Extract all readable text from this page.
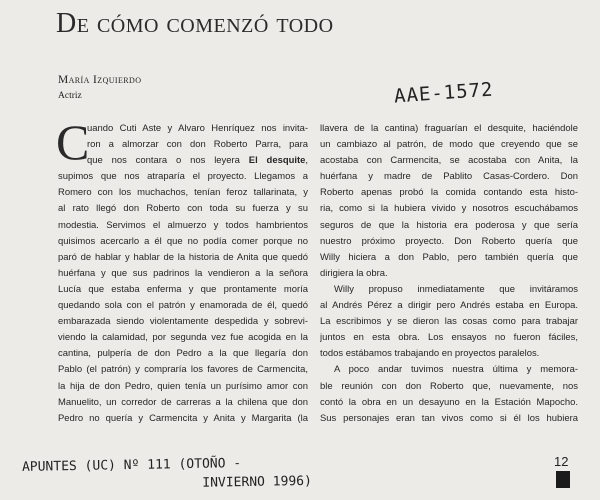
De cómo comenzó todo
María Izquierdo
Actriz	AAE-1572
C
uando Cuti Aste y Alvaro Henríquez nos invita-
ron a almorzar con don Roberto Parra, para
que nos contara o nos leyera El desquite,
supimos que nos atraparía el proyecto. Llegamos a
Romero con los muchachos, tenían feroz tallarinata, y
al rato llegó don Roberto con toda su fuerza y su
modestia. Servimos el almuerzo y todos hambrientos
quisimos acercarlo a él que no podía comer porque no
paró de hablar y hablar de la historia de Anita que quedó
huérfana y que sus padrinos la vendieron a la señora
Lucía que estaba enferma y que prontamente moría
quedando sola con el patrón y enamorada de él, quedó
embarazada siendo violentamente despedida y sobrevi-
viendo la calamidad, por segunda vez fue acogida en la
cantina, pulpería de don Pedro a la que llegaría don
Pablo (el patrón) y compraría los favores de Carmencita,
la hija de don Pedro, quien tenía un purísimo amor con
Manuelito, un corredor de carreras a la chilena que don
Pedro no quería y Carmencita y Anita y Margarita (la
llavera de la cantina) fraguarían el desquite, haciéndole
un cambiazo al patrón, de modo que creyendo que se
acostaba con Carmencita, se acostaba con Anita, la
huérfana y madre de Pablito Casas-Cordero. Don
Roberto apenas probó la comida contando esta histo-
ria, como si la hubiera vivido y nosotros escuchábamos
seguros de que la historia era poderosa y que sería
nuestro próximo proyecto. Don Roberto quería que
Willy hiciera a don Pablo, pero también quería que
dirigiera la obra.
Willy propuso inmediatamente que invitáramos
al Andrés Pérez a dirigir pero Andrés estaba en Europa.
La escribimos y se dieron las cosas como para trabajar
juntos en esta obra. Los ensayos no fueron fáciles,
todos estábamos trabajando en proyectos paralelos.
A poco andar tuvimos nuestra última y memora-
ble reunión con don Roberto que, nuevamente, nos
contó la obra en un desayuno en la Estación Mapocho.
Sus personajes eran tan vivos como si él los hubiera
APUNTES (UC) Nº 111 (OTOÑO -
INVIERNO 1996)
12
